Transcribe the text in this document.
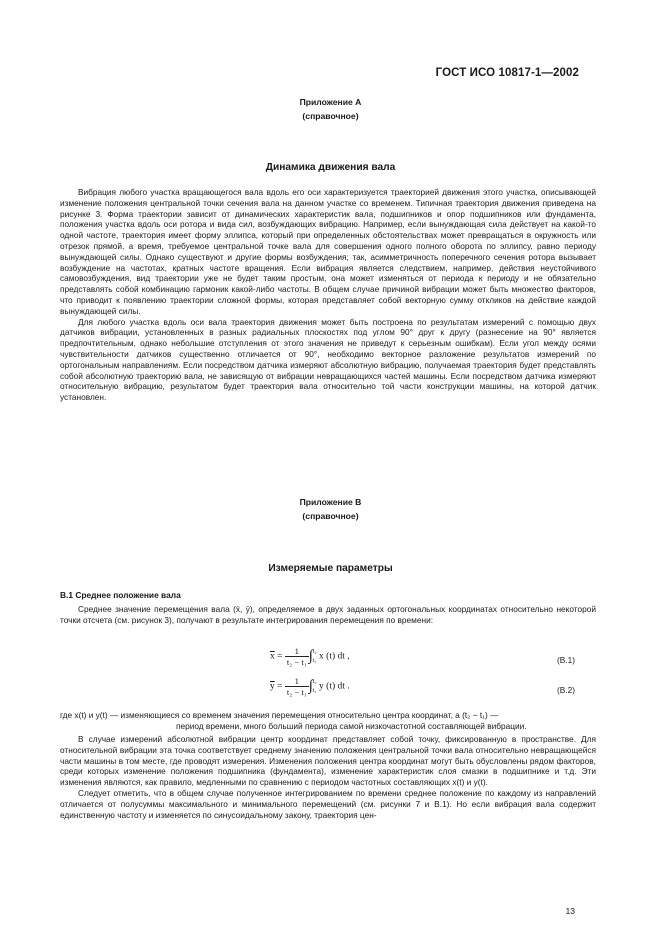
ГОСТ ИСО 10817-1—2002
Приложение А
(справочное)
Динамика движения вала

Вибрация любого участка вращающегося вала вдоль его оси характеризуется траекторией движения этого участка, описывающей изменение положения центральной точки сечения вала на данном участке со временем. Типичная траектория движения приведена на рисунке 3. Форма траектории зависит от динамических характеристик вала, подшипников и опор подшипников или фундамента, положения участка вдоль оси ротора и вида сил, возбуждающих вибрацию. Например, если вынуждающая сила действует на какой-то одной частоте, траектория имеет форму эллипса, который при определенных обстоятельствах может превращаться в окружность или отрезок прямой, а время, требуемое центральной точке вала для совершения одного полного оборота по эллипсу, равно периоду вынуждающей силы. Однако существуют и другие формы возбуждения; так, асимметричность поперечного сечения ротора вызывает возбуждение на частотах, кратных частоте вращения. Если вибрация является следствием, например, действия неустойчивого самовозбуждения, вид траектории уже не будет таким простым, она может изменяться от периода к периоду и не обязательно представлять собой комбинацию гармоник какой-либо частоты. В общем случае причиной вибрации может быть множество факторов, что приводит к появлению траектории сложной формы, которая представляет собой векторную сумму откликов на действие каждой вынуждающей силы.

Для любого участка вдоль оси вала траектория движения может быть построена по результатам измерений с помощью двух датчиков вибрации, установленных в разных радиальных плоскостях под углом 90° друг к другу (разнесение на 90° является предпочтительным, однако небольшие отступления от этого значения не приведут к серьезным ошибкам). Если угол между осями чувствительности датчиков существенно отличается от 90°, необходимо векторное разложение результатов измерений по ортогональным направлениям. Если посредством датчика измеряют абсолютную вибрацию, получаемая траектория будет представлять собой абсолютную траекторию вала, не зависящую от вибрации невращающихся частей машины. Если посредством датчика измеряют относительную вибрацию, результатом будет траектория вала относительно той части конструкции машины, на которой датчик установлен.

Приложение В
(справочное)
Измеряемые параметры
В.1 Среднее положение вала

Среднее значение перемещения вала (x̄, ȳ), определяемое в двух заданных ортогональных координатах относительно некоторой точки отсчета (см. рисунок 3), получают в результате интегрирования перемещения по времени:

$\overline{x} = \frac{1}{\text{t₂ − t₁}}$ ∫ t₂
t₁ x (t) dt ,	(В.1)
$\overline{y} = \frac{1}{\text{t₂ − t₁}}$ ∫ t₂
t₁ y (t) dt .	(В.2)
где x(t) и y(t) — изменяющиеся со временем значения перемещения относительно центра координат, а (t₂ − t₁) —
период времени, много больший периода самой низкочастотной составляющей вибрации.

В случае измерений абсолютной вибрации центр координат представляет собой точку, фиксированную в пространстве. Для относительной вибрации эта точка соответствует среднему значению положения центральной точки вала относительно невращающейся части машины в том месте, где проводят измерения. Изменения положения центра координат могут быть обусловлены рядом факторов, среди которых изменение положения подшипника (фундамента), изменение характеристик слоя смазки в подшипнике и т.д. Эти изменения являются, как правило, медленными по сравнению с периодом частотных составляющих x(t) и y(t).

Следует отметить, что в общем случае полученное интегрированием по времени среднее положение по каждому из направлений отличается от полусуммы максимального и минимального перемещений (см. рисунки 7 и В.1). Но если вибрация вала содержит единственную частоту и изменяется по синусоидальному закону, траектория цен-

13
